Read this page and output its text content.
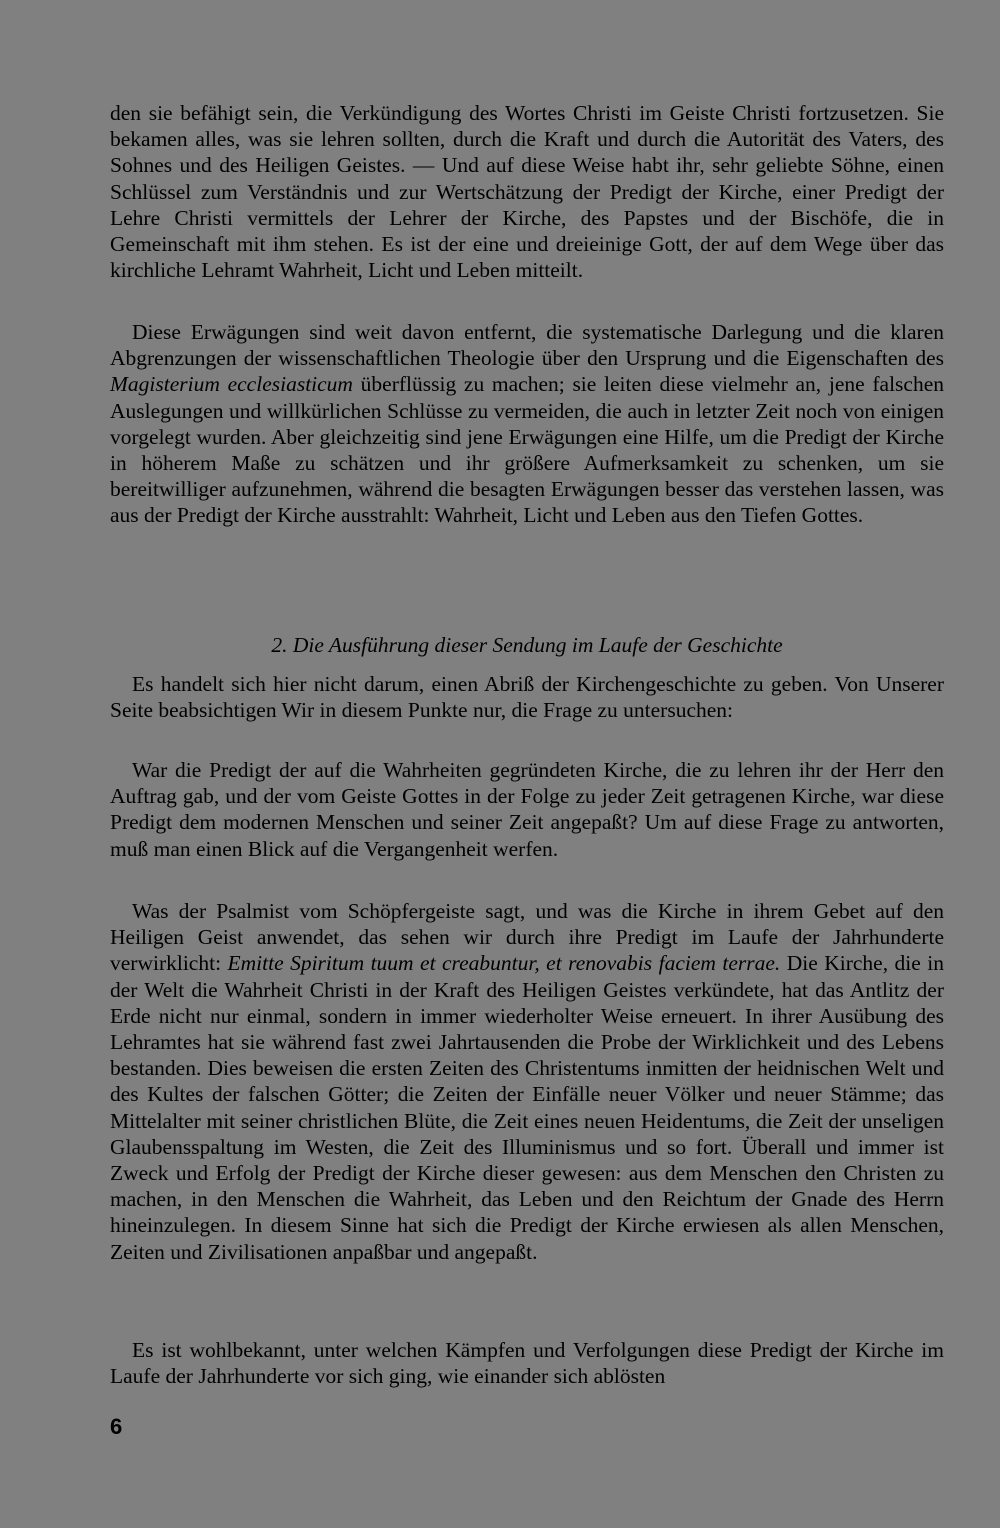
den sie befähigt sein, die Verkündigung des Wortes Christi im Geiste Christi fortzusetzen. Sie bekamen alles, was sie lehren sollten, durch die Kraft und durch die Autorität des Vaters, des Sohnes und des Heiligen Geistes. — Und auf diese Weise habt ihr, sehr geliebte Söhne, einen Schlüssel zum Verständnis und zur Wertschätzung der Predigt der Kirche, einer Predigt der Lehre Christi vermittels der Lehrer der Kirche, des Papstes und der Bischöfe, die in Gemeinschaft mit ihm stehen. Es ist der eine und dreieinige Gott, der auf dem Wege über das kirchliche Lehramt Wahrheit, Licht und Leben mitteilt.
Diese Erwägungen sind weit davon entfernt, die systematische Darlegung und die klaren Abgrenzungen der wissenschaftlichen Theologie über den Ursprung und die Eigenschaften des Magisterium ecclesiasticum überflüssig zu machen; sie leiten diese vielmehr an, jene falschen Auslegungen und willkürlichen Schlüsse zu vermeiden, die auch in letzter Zeit noch von einigen vorgelegt wurden. Aber gleichzeitig sind jene Erwägungen eine Hilfe, um die Predigt der Kirche in höherem Maße zu schätzen und ihr größere Aufmerksamkeit zu schenken, um sie bereitwilliger aufzunehmen, während die besagten Erwägungen besser das verstehen lassen, was aus der Predigt der Kirche ausstrahlt: Wahrheit, Licht und Leben aus den Tiefen Gottes.
2. Die Ausführung dieser Sendung im Laufe der Geschichte
Es handelt sich hier nicht darum, einen Abriß der Kirchengeschichte zu geben. Von Unserer Seite beabsichtigen Wir in diesem Punkte nur, die Frage zu untersuchen:
War die Predigt der auf die Wahrheiten gegründeten Kirche, die zu lehren ihr der Herr den Auftrag gab, und der vom Geiste Gottes in der Folge zu jeder Zeit getragenen Kirche, war diese Predigt dem modernen Menschen und seiner Zeit angepaßt? Um auf diese Frage zu antworten, muß man einen Blick auf die Vergangenheit werfen.
Was der Psalmist vom Schöpfergeiste sagt, und was die Kirche in ihrem Gebet auf den Heiligen Geist anwendet, das sehen wir durch ihre Predigt im Laufe der Jahrhunderte verwirklicht: Emitte Spiritum tuum et creabuntur, et renovabis faciem terrae. Die Kirche, die in der Welt die Wahrheit Christi in der Kraft des Heiligen Geistes verkündete, hat das Antlitz der Erde nicht nur einmal, sondern in immer wiederholter Weise erneuert. In ihrer Ausübung des Lehramtes hat sie während fast zwei Jahrtausenden die Probe der Wirklichkeit und des Lebens bestanden. Dies beweisen die ersten Zeiten des Christentums inmitten der heidnischen Welt und des Kultes der falschen Götter; die Zeiten der Einfälle neuer Völker und neuer Stämme; das Mittelalter mit seiner christlichen Blüte, die Zeit eines neuen Heidentums, die Zeit der unseligen Glaubensspaltung im Westen, die Zeit des Illuminismus und so fort. Überall und immer ist Zweck und Erfolg der Predigt der Kirche dieser gewesen: aus dem Menschen den Christen zu machen, in den Menschen die Wahrheit, das Leben und den Reichtum der Gnade des Herrn hineinzulegen. In diesem Sinne hat sich die Predigt der Kirche erwiesen als allen Menschen, Zeiten und Zivilisationen anpaßbar und angepaßt.
Es ist wohlbekannt, unter welchen Kämpfen und Verfolgungen diese Predigt der Kirche im Laufe der Jahrhunderte vor sich ging, wie einander sich ablösten
6
